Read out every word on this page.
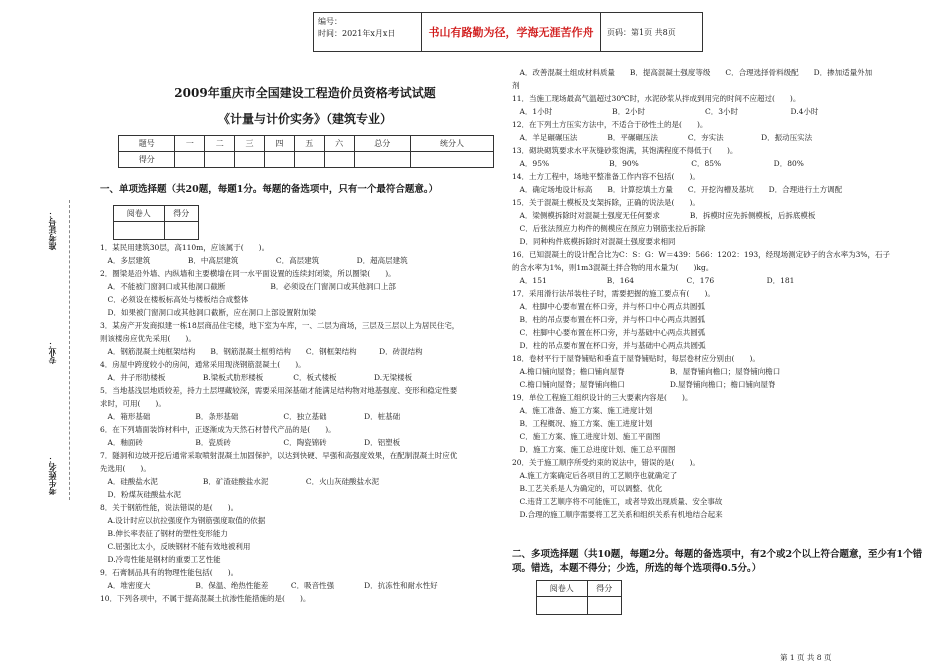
编号：
时间：2021年x月x日	书山有路勤为径，学海无涯苦作舟	页码：第1页 共8页
准考证号：
专业：
考生姓名：
2009年重庆市全国建设工程造价员资格考试试题
《计量与计价实务》（建筑专业）
题号	一	二	三	四	五	六	总分	统分人
得分								
一、单项选择题（共20题，每题1分。每题的备选项中，只有一个最符合题意。）
阅卷人	得分

1．某民用建筑30层，高110m，应该属于(　　)。
　A．多层建筑　　　　　B．中高层建筑　　　　　C．高层建筑　　　　　D．超高层建筑
2．圈梁是沿外墙、内纵墙和主要横墙在同一水平面设置的连续封闭梁，所以圈梁(　　)。
　A．不能被门窗洞口或其他洞口截断　　　　　　B．必须设在门窗洞口或其他洞口上部
　C．必须设在楼板标高处与楼板结合成整体
　D．如果被门窗洞口或其他洞口截断，应在洞口上部设置附加梁
3．某房产开发商拟建一栋18层商品住宅楼，地下室为车库，一、二层为商场，三层及三层以上为居民住宅，
则该楼房应优先采用(　　)。
　A．钢筋混凝土纯框架结构　　B．钢筋混凝土框剪结构　　C．钢框架结构　　　D．砖混结构
4．房屋中跨度较小的房间，通常采用现浇钢筋混凝土(　　)。
　A．井子形肋楼板　　　　　B.梁板式肋形楼板　　　　C．板式楼板　　　　　D.无梁楼板
5．当地基浅层地质较差，持力土层埋藏较深，需要采用深基础才能满足结构物对地基强度、变形和稳定性要
求时，可用(　　)。
　A．箱形基础　　　　　　B．条形基础　　　　　　C．独立基础　　　　　D．桩基础
6．在下列墙面装饰材料中，正逐渐成为天然石材替代产品的是(　　)。
　A．釉面砖　　　　　　　B．瓷质砖　　　　　　　C．陶瓷锦砖　　　　　D．铝塑板
7．隧洞和边坡开挖后通常采取喷射混凝土加固保护，以达到快硬、早强和高强度效果，在配制混凝土时应优
先选用(　　)。
　A．硅酸盐水泥　　　　　　B．矿渣硅酸盐水泥　　　　　C．火山灰硅酸盐水泥
　D．粉煤灰硅酸盐水泥
8．关于钢筋性能，说法错误的是(　　)。
　A.设计时应以抗拉强度作为钢筋强度取值的依据
　B.伸长率表征了钢材的塑性变形能力
　C.屈强比太小，反映钢材不能有效地被利用
　D.冷弯性能是钢材的重要工艺性能
9．石膏制品具有的物理性能包括(　　)。
　A．堆密度大　　　　　　B．保温、绝热性能差　　　C．吸音性强　　　　D．抗冻性和耐水性好
10．下列各项中，不属于提高混凝土抗渗性能措施的是(　　)。
　A．改善混凝土组成材料质量　　B．提高混凝土强度等级　　C．合理选择骨料级配　　D．掺加适量外加
剂
11．当施工现场最高气温超过30℃时，水泥砂浆从拌成到用完的时间不应超过(　　)。
　A．1小时　　　　　　　　B．2小时　　　　　　　　C．3小时　　　　　　　D.4小时
12．在下列土方压实方法中，不适合于砂性土的是(　　)。
　A．羊足碾碾压法　　　　B．平碾碾压法　　　　C．夯实法　　　　　D．振动压实法
13．砌块砌筑要求水平灰缝砂浆饱满，其饱满程度不得低于(　　)。
　A．95%　　　　　　　　B．90%　　　　　　　C．85%　　　　　　　D．80%
14．土方工程中，场地平整准备工作内容不包括(　　)。
　A．确定场地设计标高　　B．计算挖填土方量　　C．开挖沟槽及基坑　　D．合理进行土方调配
15．关于混凝土模板及支架拆除，正确的说法是(　　)。
　A．梁侧模拆除时对混凝土强度无任何要求　　　　B．拆模时应先拆侧模板，后拆底模板
　C．后张法预应力构件的侧模应在预应力钢筋张拉后拆除
　D．同种构件底模拆除时对混凝土强度要求相同
16．已知混凝土的设计配合比为C：S：G：W＝439：566：1202：193，经现场测定砂子的含水率为3%，石子
的含水率为1%，则1m3混凝土拌合物的用水量为(　　)kg。
　A．151　　　　　　　　B．164　　　　　　　C．176　　　　　　　D．181
17．采用滑行法吊装柱子时，需要把握的施工要点有(　　)。
　A．柱脚中心要布置在杯口旁，并与杯口中心两点共圆弧
　B．柱的吊点要布置在杯口旁，并与杯口中心两点共圆弧
　C．柱脚中心要布置在杯口旁，并与基础中心两点共圆弧
　D．柱的吊点要布置在杯口旁，并与基础中心两点共圆弧
18．卷材平行于屋脊铺贴和垂直于屋脊铺贴时，每层卷材应分别由(　　)。
　A.檐口铺向屋脊；檐口铺向屋脊　　　　　　B．屋脊铺向檐口；屋脊铺向檐口
　C.檐口铺向屋脊；屋脊铺向檐口　　　　　　D.屋脊铺向檐口；檐口铺向屋脊
19．单位工程施工组织设计的三大要素内容是(　　)。
　A．施工准备、施工方案、施工进度计划
　B．工程概况、施工方案、施工进度计划
　C．施工方案、施工进度计划、施工平面图
　D．施工方案、施工总进度计划、施工总平面图
20．关于施工顺序所受约束的说法中，错误的是(　　)。
　A.施工方案确定后各项目的工艺顺序也就确定了
　B.工艺关系是人为确定的，可以调整、优化
　C.违背工艺顺序将不可能施工，或者导致出现质量、安全事故
　D.合理的施工顺序需要将工艺关系和组织关系有机地结合起来
二、多项选择题（共10题，每题2分。每题的备选项中，有2个或2个以上符合题意，至少有1个错项。错选，本题不得分；少选，所选的每个选项得0.5分。）
阅卷人	得分

第 1 页 共 8 页
